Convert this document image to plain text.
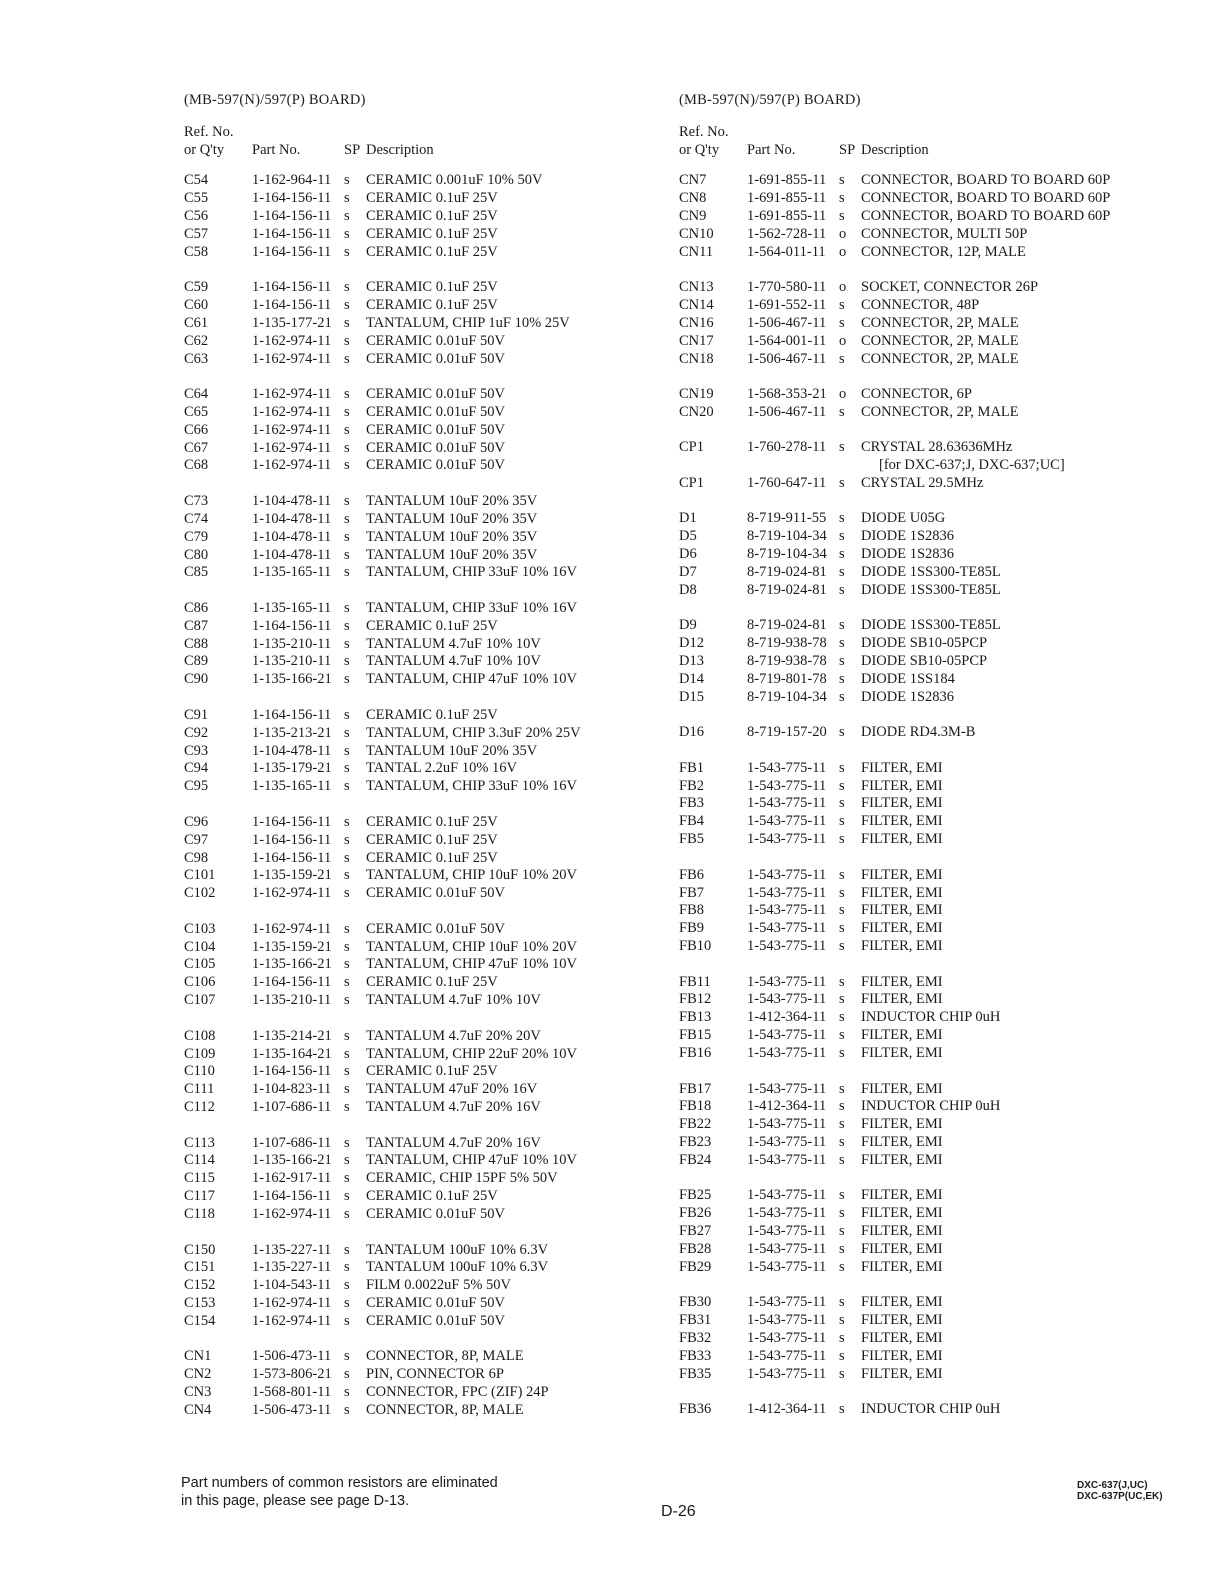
(MB-597(N)/597(P) BOARD)
Ref. No.
or Q'ty	Part No.	SP Description
C54	1-162-964-11 s	CERAMIC 0.001uF 10% 50V
C55	1-164-156-11 s	CERAMIC 0.1uF 25V
C56	1-164-156-11 s	CERAMIC 0.1uF 25V
C57	1-164-156-11 s	CERAMIC 0.1uF 25V
C58	1-164-156-11 s	CERAMIC 0.1uF 25V
C59	1-164-156-11 s	CERAMIC 0.1uF 25V
C60	1-164-156-11 s	CERAMIC 0.1uF 25V
C61	1-135-177-21 s	TANTALUM, CHIP 1uF 10% 25V
C62	1-162-974-11 s	CERAMIC 0.01uF 50V
C63	1-162-974-11 s	CERAMIC 0.01uF 50V
C64	1-162-974-11 s	CERAMIC 0.01uF 50V
C65	1-162-974-11 s	CERAMIC 0.01uF 50V
C66	1-162-974-11 s	CERAMIC 0.01uF 50V
C67	1-162-974-11 s	CERAMIC 0.01uF 50V
C68	1-162-974-11 s	CERAMIC 0.01uF 50V
C73	1-104-478-11 s	TANTALUM 10uF 20% 35V
C74	1-104-478-11 s	TANTALUM 10uF 20% 35V
C79	1-104-478-11 s	TANTALUM 10uF 20% 35V
C80	1-104-478-11 s	TANTALUM 10uF 20% 35V
C85	1-135-165-11 s	TANTALUM, CHIP 33uF 10% 16V
C86	1-135-165-11 s	TANTALUM, CHIP 33uF 10% 16V
C87	1-164-156-11 s	CERAMIC 0.1uF 25V
C88	1-135-210-11 s	TANTALUM 4.7uF 10% 10V
C89	1-135-210-11 s	TANTALUM 4.7uF 10% 10V
C90	1-135-166-21 s	TANTALUM, CHIP 47uF 10% 10V
C91	1-164-156-11 s	CERAMIC 0.1uF 25V
C92	1-135-213-21 s	TANTALUM, CHIP 3.3uF 20% 25V
C93	1-104-478-11 s	TANTALUM 10uF 20% 35V
C94	1-135-179-21 s	TANTAL 2.2uF 10% 16V
C95	1-135-165-11 s	TANTALUM, CHIP 33uF 10% 16V
C96	1-164-156-11 s	CERAMIC 0.1uF 25V
C97	1-164-156-11 s	CERAMIC 0.1uF 25V
C98	1-164-156-11 s	CERAMIC 0.1uF 25V
C101	1-135-159-21 s	TANTALUM, CHIP 10uF 10% 20V
C102	1-162-974-11 s	CERAMIC 0.01uF 50V
C103	1-162-974-11 s	CERAMIC 0.01uF 50V
C104	1-135-159-21 s	TANTALUM, CHIP 10uF 10% 20V
C105	1-135-166-21 s	TANTALUM, CHIP 47uF 10% 10V
C106	1-164-156-11 s	CERAMIC 0.1uF 25V
C107	1-135-210-11 s	TANTALUM 4.7uF 10% 10V
C108	1-135-214-21 s	TANTALUM 4.7uF 20% 20V
C109	1-135-164-21 s	TANTALUM, CHIP 22uF 20% 10V
C110	1-164-156-11 s	CERAMIC 0.1uF 25V
C111	1-104-823-11 s	TANTALUM 47uF 20% 16V
C112	1-107-686-11 s	TANTALUM 4.7uF 20% 16V
C113	1-107-686-11 s	TANTALUM 4.7uF 20% 16V
C114	1-135-166-21 s	TANTALUM, CHIP 47uF 10% 10V
C115	1-162-917-11 s	CERAMIC, CHIP 15PF 5% 50V
C117	1-164-156-11 s	CERAMIC 0.1uF 25V
C118	1-162-974-11 s	CERAMIC 0.01uF 50V
C150	1-135-227-11 s	TANTALUM 100uF 10% 6.3V
C151	1-135-227-11 s	TANTALUM 100uF 10% 6.3V
C152	1-104-543-11 s	FILM 0.0022uF 5% 50V
C153	1-162-974-11 s	CERAMIC 0.01uF 50V
C154	1-162-974-11 s	CERAMIC 0.01uF 50V
CN1	1-506-473-11 s	CONNECTOR, 8P, MALE
CN2	1-573-806-21 s	PIN, CONNECTOR 6P
CN3	1-568-801-11 s	CONNECTOR, FPC (ZIF) 24P
CN4	1-506-473-11 s	CONNECTOR, 8P, MALE
(MB-597(N)/597(P) BOARD)
Ref. No.
or Q'ty	Part No.	SP Description
CN7	1-691-855-11 s	CONNECTOR, BOARD TO BOARD 60P
CN8	1-691-855-11 s	CONNECTOR, BOARD TO BOARD 60P
CN9	1-691-855-11 s	CONNECTOR, BOARD TO BOARD 60P
CN10	1-562-728-11 o	CONNECTOR, MULTI 50P
CN11	1-564-011-11 o	CONNECTOR, 12P, MALE
CN13	1-770-580-11 o	SOCKET, CONNECTOR 26P
CN14	1-691-552-11 s	CONNECTOR, 48P
CN16	1-506-467-11 s	CONNECTOR, 2P, MALE
CN17	1-564-001-11 o	CONNECTOR, 2P, MALE
CN18	1-506-467-11 s	CONNECTOR, 2P, MALE
CN19	1-568-353-21 o	CONNECTOR, 6P
CN20	1-506-467-11 s	CONNECTOR, 2P, MALE
CP1	1-760-278-11 s	CRYSTAL 28.63636MHz
[for DXC-637;J, DXC-637;UC]
CP1	1-760-647-11 s	CRYSTAL 29.5MHz
D1	8-719-911-55 s	DIODE U05G
D5	8-719-104-34 s	DIODE 1S2836
D6	8-719-104-34 s	DIODE 1S2836
D7	8-719-024-81 s	DIODE 1SS300-TE85L
D8	8-719-024-81 s	DIODE 1SS300-TE85L
D9	8-719-024-81 s	DIODE 1SS300-TE85L
D12	8-719-938-78 s	DIODE SB10-05PCP
D13	8-719-938-78 s	DIODE SB10-05PCP
D14	8-719-801-78 s	DIODE 1SS184
D15	8-719-104-34 s	DIODE 1S2836
D16	8-719-157-20 s	DIODE RD4.3M-B
FB1	1-543-775-11 s	FILTER, EMI
FB2	1-543-775-11 s	FILTER, EMI
FB3	1-543-775-11 s	FILTER, EMI
FB4	1-543-775-11 s	FILTER, EMI
FB5	1-543-775-11 s	FILTER, EMI
FB6	1-543-775-11 s	FILTER, EMI
FB7	1-543-775-11 s	FILTER, EMI
FB8	1-543-775-11 s	FILTER, EMI
FB9	1-543-775-11 s	FILTER, EMI
FB10	1-543-775-11 s	FILTER, EMI
FB11	1-543-775-11 s	FILTER, EMI
FB12	1-543-775-11 s	FILTER, EMI
FB13	1-412-364-11 s	INDUCTOR CHIP 0uH
FB15	1-543-775-11 s	FILTER, EMI
FB16	1-543-775-11 s	FILTER, EMI
FB17	1-543-775-11 s	FILTER, EMI
FB18	1-412-364-11 s	INDUCTOR CHIP 0uH
FB22	1-543-775-11 s	FILTER, EMI
FB23	1-543-775-11 s	FILTER, EMI
FB24	1-543-775-11 s	FILTER, EMI
FB25	1-543-775-11 s	FILTER, EMI
FB26	1-543-775-11 s	FILTER, EMI
FB27	1-543-775-11 s	FILTER, EMI
FB28	1-543-775-11 s	FILTER, EMI
FB29	1-543-775-11 s	FILTER, EMI
FB30	1-543-775-11 s	FILTER, EMI
FB31	1-543-775-11 s	FILTER, EMI
FB32	1-543-775-11 s	FILTER, EMI
FB33	1-543-775-11 s	FILTER, EMI
FB35	1-543-775-11 s	FILTER, EMI
FB36	1-412-364-11 s	INDUCTOR CHIP 0uH
Part numbers of common resistors are eliminated
in this page, please see page D-13.
D-26
DXC-637(J,UC)
DXC-637P(UC,EK)
